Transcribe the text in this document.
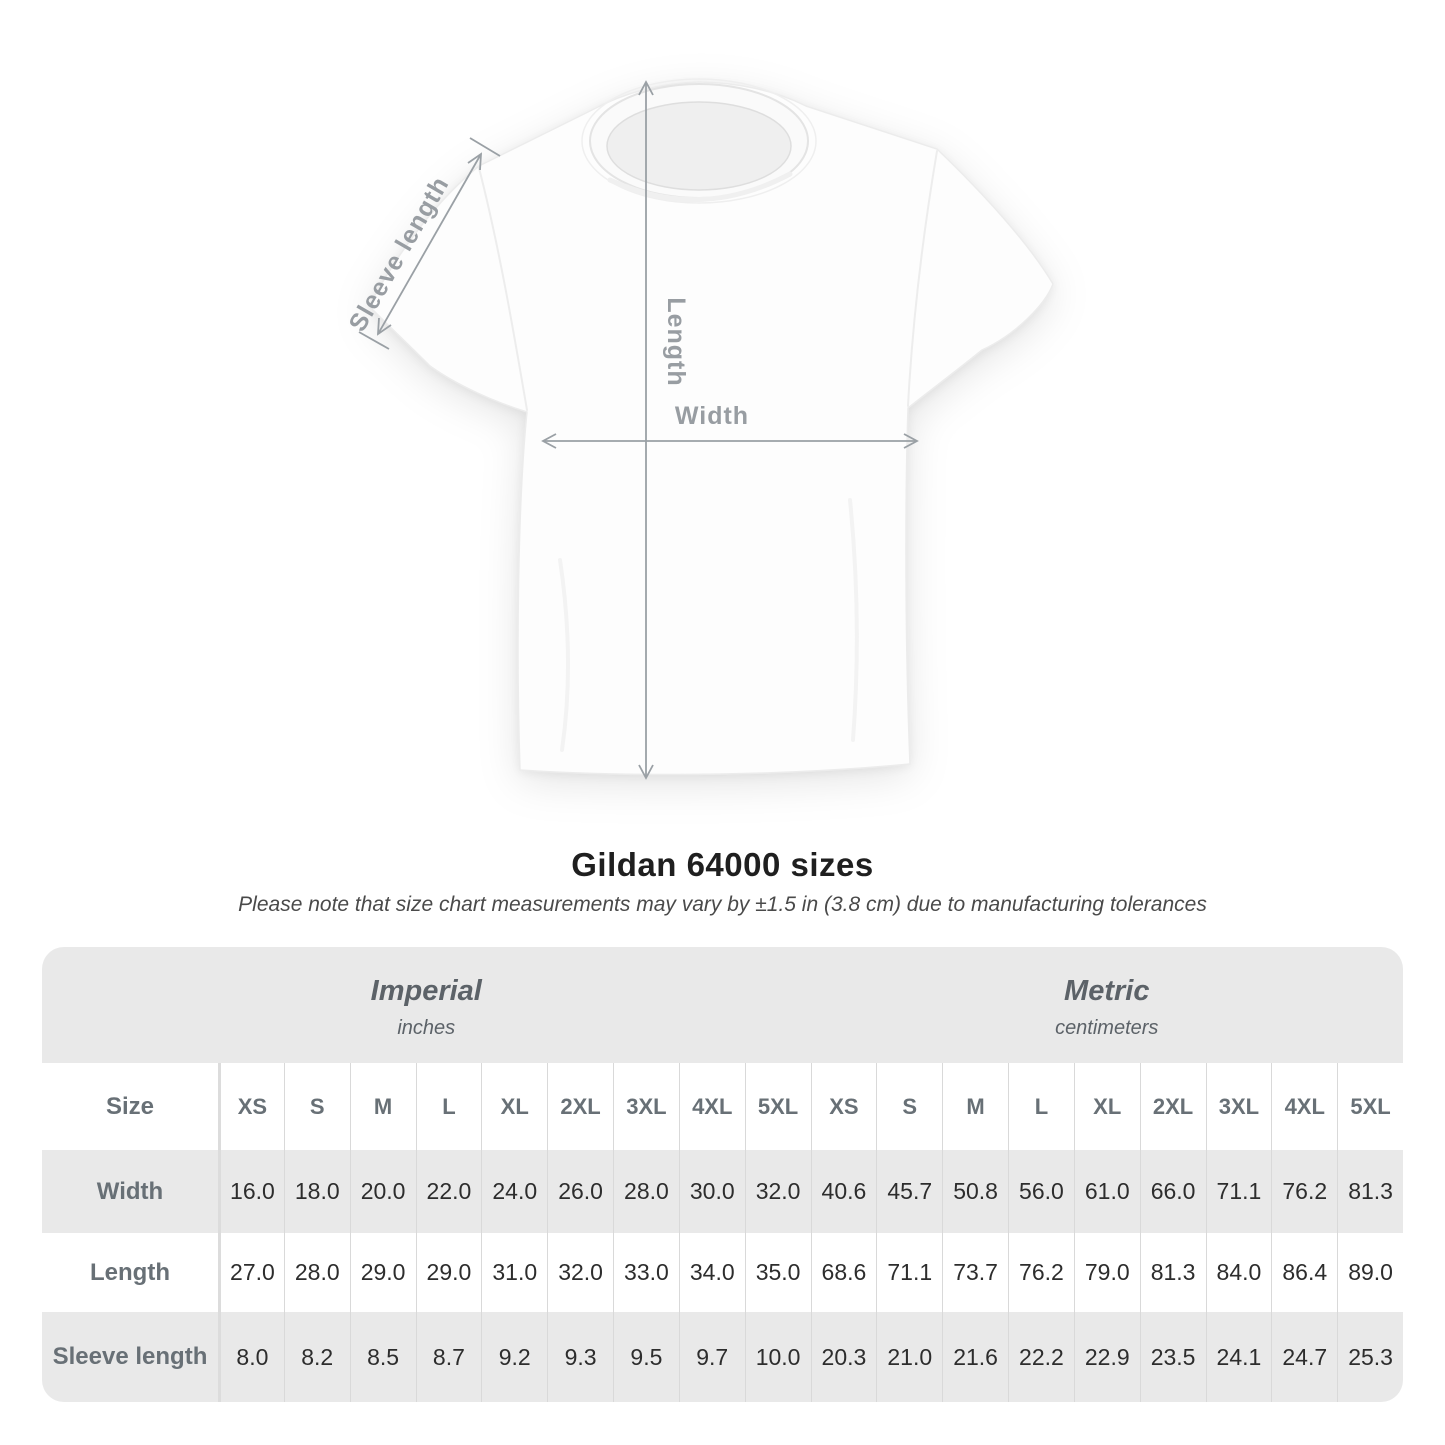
Length
Width
Sleeve length
Gildan 64000 sizes
Please note that size chart measurements may vary by ±1.5 in (3.8 cm) due to manufacturing tolerances
Imperial
inches
Metric
centimeters
Size	XS	S	M	L	XL	2XL	3XL	4XL	5XL	XS	S	M	L	XL	2XL	3XL	4XL	5XL
Width	16.0 18.0 20.0 22.0 24.0 26.0 28.0 30.0 32.0 40.6 45.7 50.8 56.0 61.0 66.0 71.1 76.2 81.3
Length	27.0 28.0 29.0 29.0 31.0 32.0 33.0 34.0 35.0 68.6 71.1 73.7 76.2 79.0 81.3 84.0 86.4 89.0
Sleeve length	8.0	8.2	8.5	8.7	9.2	9.3	9.5	9.7	10.0 20.3 21.0 21.6 22.2 22.9 23.5 24.1 24.7 25.3
